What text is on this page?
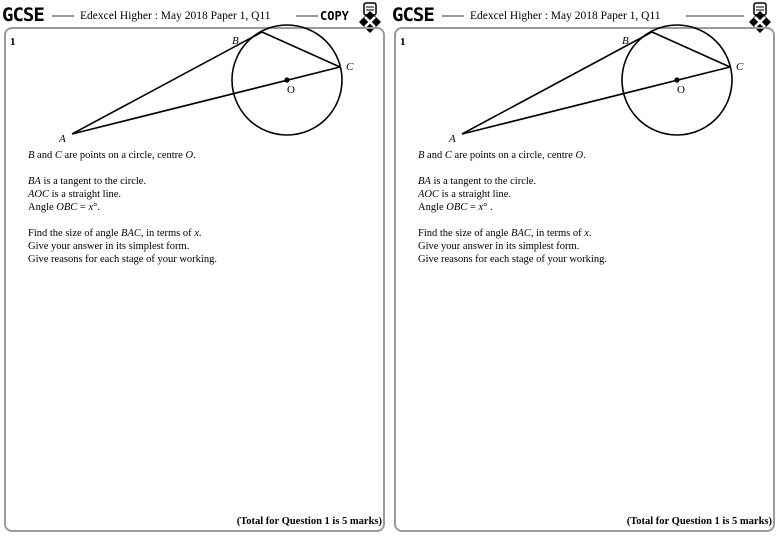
GCSE	Edexcel Higher : May 2018 Paper 1, Q11	COPY
1	B
C
O
A

B and C are points on a circle, centre O.

BA is a tangent to the circle.

AOC is a straight line.

Angle OBC = x°.

Find the size of angle BAC, in terms of x.

Give your answer in its simplest form.

Give reasons for each stage of your working.

(Total for Question 1 is 5 marks)
GCSE	Edexcel Higher : May 2018 Paper 1, Q11
1	B
C
O
A

B and C are points on a circle, centre O.

BA is a tangent to the circle.

AOC is a straight line.

Angle OBC = x° .

Find the size of angle BAC, in terms of x.

Give your answer in its simplest form.

Give reasons for each stage of your working.

(Total for Question 1 is 5 marks)
